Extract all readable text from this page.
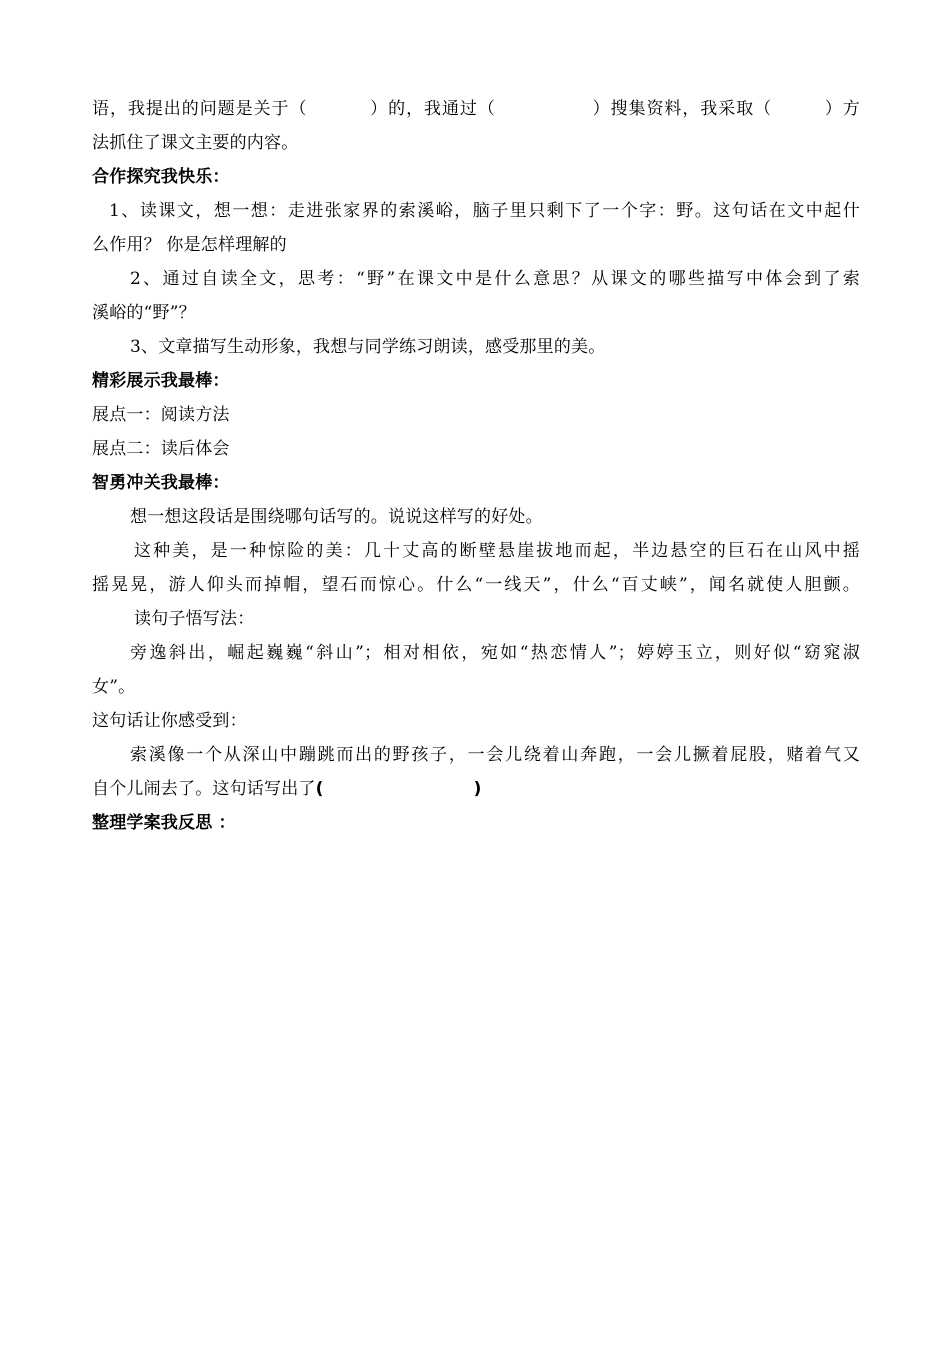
语，我提出的问题是关于（	）的，我通过（	）搜集资料，我采取（	）方
法抓住了课文主要的内容。
合作探究我快乐：
1、读课文，想一想：走进张家界的索溪峪，脑子里只剩下了一个字：野。这句话在文中起什
么作用？ 你是怎样理解的
2、通过自读全文，思考：“野”在课文中是什么意思？从课文的哪些描写中体会到了索
溪峪的“野”？
3、文章描写生动形象，我想与同学练习朗读，感受那里的美。
精彩展示我最棒：
展点一：阅读方法
展点二：读后体会
智勇冲关我最棒：
想一想这段话是围绕哪句话写的。说说这样写的好处。
这种美，是一种惊险的美：几十丈高的断壁悬崖拔地而起，半边悬空的巨石在山风中摇
摇晃晃，游人仰头而掉帽，望石而惊心。什么“一线天”，什么“百丈峡”，闻名就使人胆颤。
读句子悟写法：
旁逸斜出，崛起巍巍“斜山”；相对相依，宛如“热恋情人”；婷婷玉立，则好似“窈窕淑
女”。
这句话让你感受到：
索溪像一个从深山中蹦跳而出的野孩子，一会儿绕着山奔跑，一会儿撅着屁股，赌着气又
自个儿闹去了。这句话写出了(	)
整理学案我反思 ：
